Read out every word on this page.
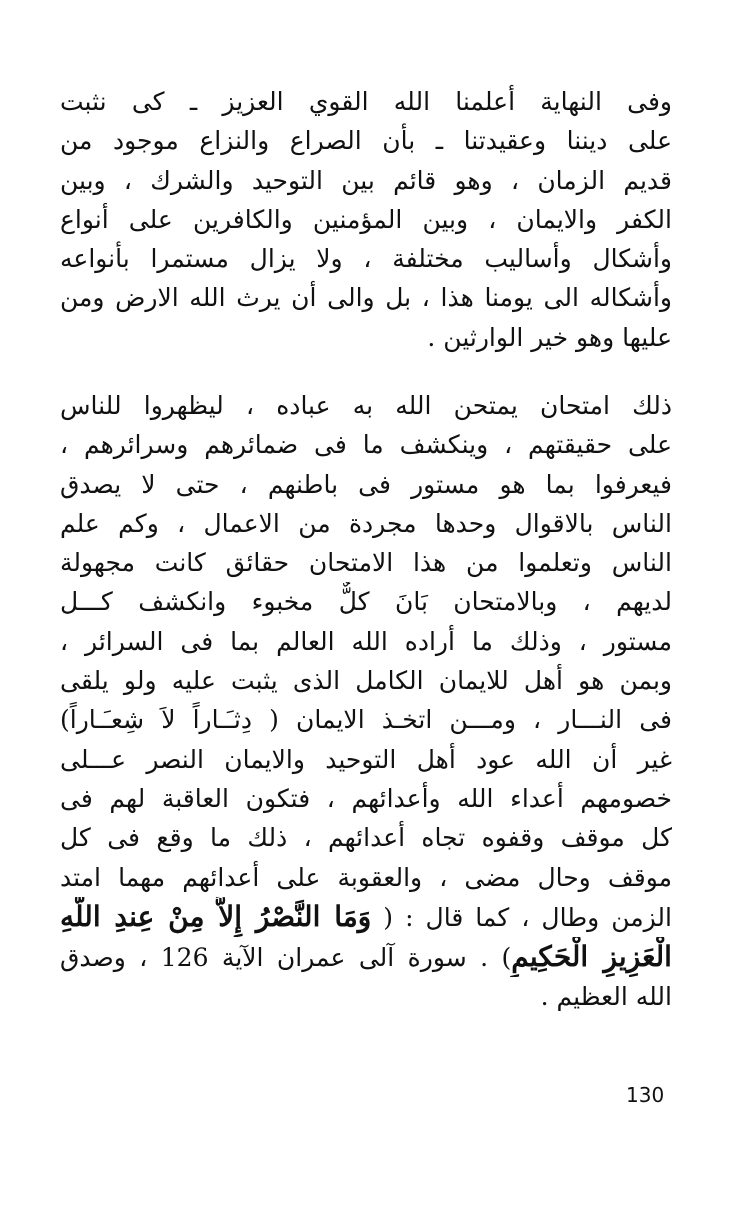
وفى النهاية أعلمنا الله القوي العزيز ـ كى نثبت
على ديننا وعقيدتنا ـ بأن الصراع والنزاع موجود من
قديم الزمان ، وهو قائم بين التوحيد والشرك ، وبين
الكفر والايمان ، وبين المؤمنين والكافرين على أنواع
وأشكال وأساليب مختلفة ، ولا يزال مستمرا بأنواعه
وأشكاله الى يومنا هذا ، بل والى أن يرث الله الارض ومن
عليها وهو خير الوارثين .
ذلك امتحان يمتحن الله به عباده ، ليظهروا للناس
على حقيقتهم ، وينكشف ما فى ضمائرهم وسرائرهم ،
فيعرفوا بما هو مستور فى باطنهم ، حتى لا يصدق
الناس بالاقوال وحدها مجردة من الاعمال ، وكم علم
الناس وتعلموا من هذا الامتحان حقائق كانت مجهولة
لديهم ، وبالامتحان بَانَ كلٌّ مخبوء وانكشف كـــل
مستور ، وذلك ما أراده الله العالم بما فى السرائر ،
وبمن هو أهل للايمان الكامل الذى يثبت عليه ولو يلقى
فى النـــار ، ومـــن اتخـذ الايمان ( دِثـَـاراً لاَ شِعـَـاراً)
غير أن الله عود أهل التوحيد والايمان النصر عـــلى
خصومهم أعداء الله وأعدائهم ، فتكون العاقبة لهم فى
كل موقف وقفوه تجاه أعدائهم ، ذلك ما وقع فى كل
موقف وحال مضى ، والعقوبة على أعدائهم مهما امتد
الزمن وطال ، كما قال : ( وَمَا النَّصْرُ إِلاَّ مِنْ عِندِ اللَّهِ
الْعَزِيزِ الْحَكِيمِ) . سورة آلى عمران الآية 126 ، وصدق
الله العظيم .
130
